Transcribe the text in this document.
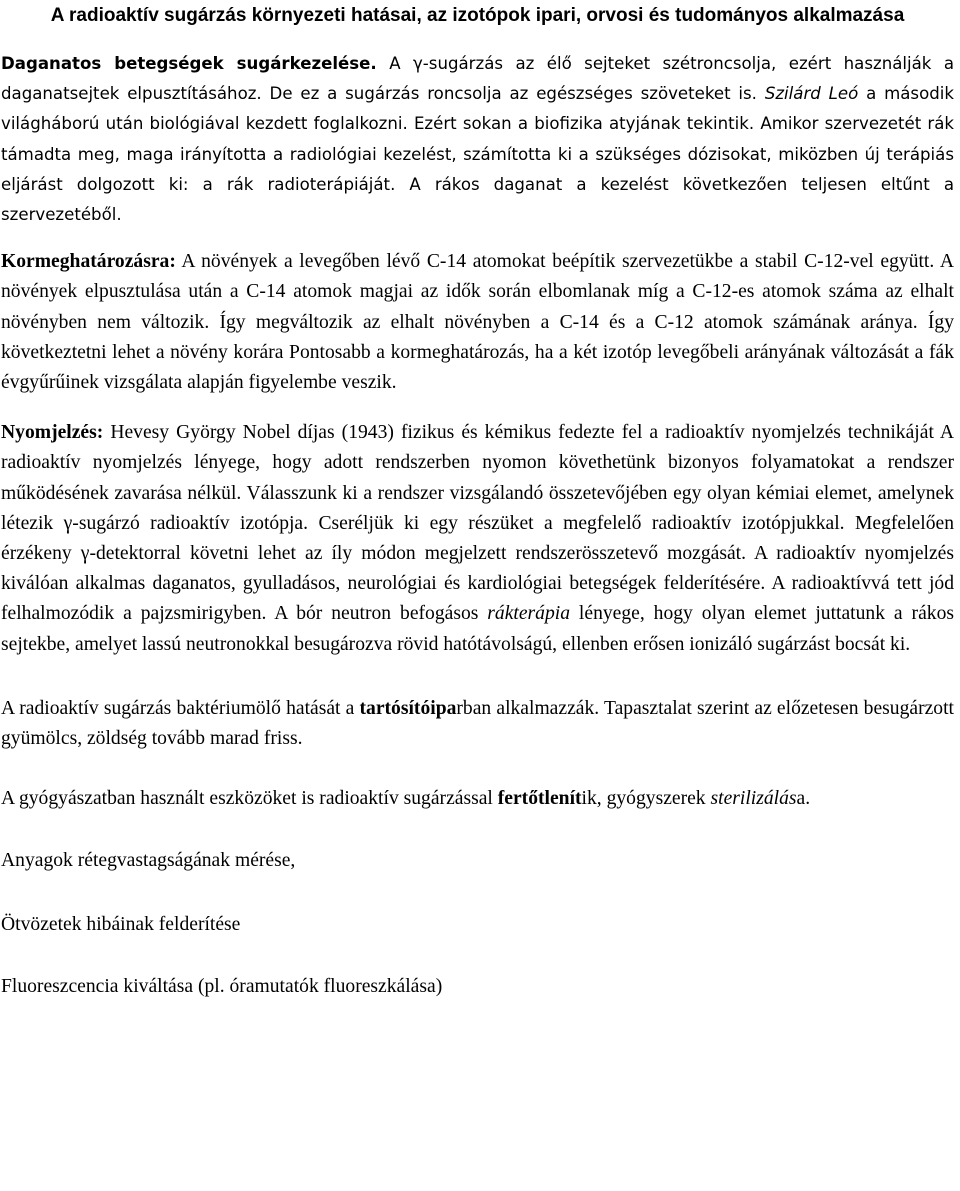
A radioaktív sugárzás környezeti hatásai, az izotópok ipari, orvosi és tudományos alkalmazása

Daganatos betegségek sugárkezelése. A γ-sugárzás az élő sejteket szétroncsolja, ezért használják a daganatsejtek elpusztításához. De ez a sugárzás roncsolja az egészséges szöveteket is. Szilárd Leó a második világháború után biológiával kezdett foglalkozni. Ezért sokan a biofizika atyjának tekintik. Amikor szervezetét rák támadta meg, maga irányította a radiológiai kezelést, számította ki a szükséges dózisokat, miközben új terápiás eljárást dolgozott ki: a rák radioterápiáját. A rákos daganat a kezelést következően teljesen eltűnt a szervezetéből.

Kormeghatározásra: A növények a levegőben lévő C-14 atomokat beépítik szervezetükbe a stabil C-12-vel együtt. A növények elpusztulása után a C-14 atomok magjai az idők során elbomlanak míg a C-12-es atomok száma az elhalt növényben nem változik. Így megváltozik az elhalt növényben a C-14 és a C-12 atomok számának aránya. Így következtetni lehet a növény korára Pontosabb a kormeghatározás, ha a két izotóp levegőbeli arányának változását a fák évgyűrűinek vizsgálata alapján figyelembe veszik.

Nyomjelzés: Hevesy György Nobel díjas (1943) fizikus és kémikus fedezte fel a radioaktív nyomjelzés technikáját A radioaktív nyomjelzés lényege, hogy adott rendszerben nyomon követhetünk bizonyos folyamatokat a rendszer működésének zavarása nélkül. Válasszunk ki a rendszer vizsgálandó összetevőjében egy olyan kémiai elemet, amelynek létezik γ-sugárzó radioaktív izotópja. Cseréljük ki egy részüket a megfelelő radioaktív izotópjukkal. Megfelelően érzékeny γ-detektorral követni lehet az íly módon megjelzett rendszerösszetevő mozgását. A radioaktív nyomjelzés kiválóan alkalmas daganatos, gyulladásos, neurológiai és kardiológiai betegségek felderítésére. A radioaktívvá tett jód felhalmozódik a pajzsmirigyben. A bór neutron befogásos rákterápia lényege, hogy olyan elemet juttatunk a rákos sejtekbe, amelyet lassú neutronokkal besugározva rövid hatótávolságú, ellenben erősen ionizáló sugárzást bocsát ki.

A radioaktív sugárzás baktériumölő hatását a tartósítóiparban alkalmazzák. Tapasztalat szerint az előzetesen besugárzott gyümölcs, zöldség tovább marad friss.

A gyógyászatban használt eszközöket is radioaktív sugárzással fertőtlenítik, gyógyszerek sterilizálása.

Anyagok rétegvastagságának mérése,

Ötvözetek hibáinak felderítése

Fluoreszcencia kiváltása (pl. óramutatók fluoreszkálása)
